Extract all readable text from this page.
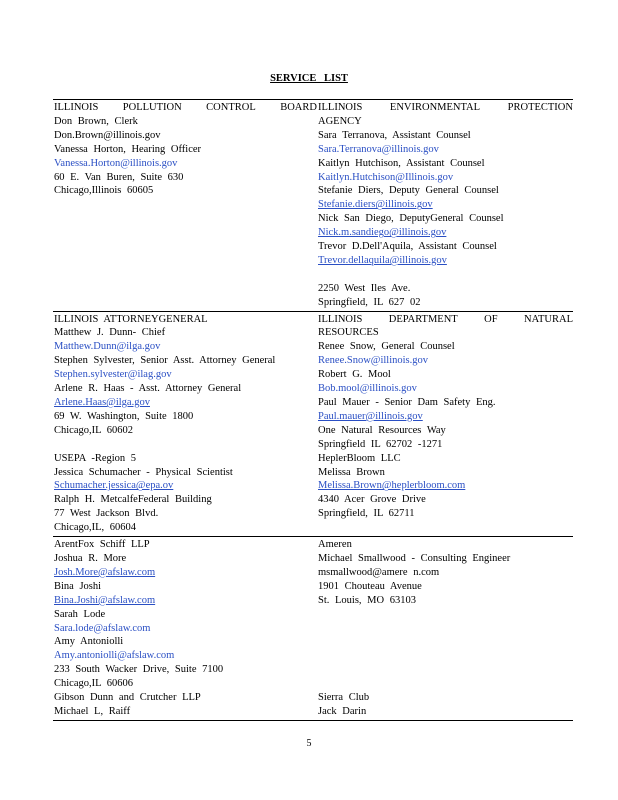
SERVICE LIST
ILLINOIS POLLUTION CONTROL BOARD
Don Brown, Clerk
Don.Brown@illinois.gov
Vanessa Horton, Hearing Officer
Vanessa.Horton@illinois.gov
60 E. Van Buren, Suite 630
Chicago,Illinois 60605
ILLINOIS	ENVIRONMENTAL	PROTECTION
AGENCY
Sara Terranova, Assistant Counsel
Sara.Terranova@illinois.gov
Kaitlyn Hutchison, Assistant Counsel
Kaitlyn.Hutchison@Illinois.gov
Stefanie Diers, Deputy General Counsel
Stefanie.diers@illinois.gov
Nick San Diego, DeputyGeneral Counsel
Nick.m.sandiego@illinois.gov
Trevor D.Dell'Aquila, Assistant Counsel
Trevor.dellaquila@illinois.gov
2250 West Iles Ave.
Springfield, IL 627 02
ILLINOIS ATTORNEYGENERAL
Matthew J. Dunn- Chief
Matthew.Dunn@ilga.gov
Stephen Sylvester, Senior Asst. Attorney General
Stephen.sylvester@ilag.gov
Arlene R. Haas - Asst. Attorney General
Arlene.Haas@ilga.gov
69 W. Washington, Suite 1800
Chicago,IL 60602
USEPA -Region 5
Jessica Schumacher - Physical Scientist
Schumacher.jessica@epa.ov
Ralph H. MetcalfeFederal Building
77 West Jackson Blvd.
Chicago,IL, 60604
ILLINOIS	DEPARTMENT	OF	NATURAL
RESOURCES
Renee Snow, General Counsel
Renee.Snow@illinois.gov
Robert G. Mool
Bob.mool@illinois.gov
Paul Mauer - Senior Dam Safety Eng.
Paul.mauer@illinois.gov
One Natural Resources Way
Springfield IL 62702 -1271
HeplerBloom LLC
Melissa Brown
Melissa.Brown@heplerbloom.com
4340 Acer Grove Drive
Springfield, IL 62711
ArentFox Schiff LLP
Joshua R. More
Josh.More@afslaw.com
Bina Joshi
Bina.Joshi@afslaw.com
Sarah Lode
Sara.lode@afslaw.com
Amy Antoniolli
Amy.antoniolli@afslaw.com
233 South Wacker Drive, Suite 7100
Chicago,IL 60606
Gibson Dunn and Crutcher LLP
Michael L, Raiff
Ameren
Michael Smallwood - Consulting Engineer
msmallwood@amere n.com
1901 Chouteau Avenue
St. Louis, MO 63103
Sierra Club
Jack Darin
5
